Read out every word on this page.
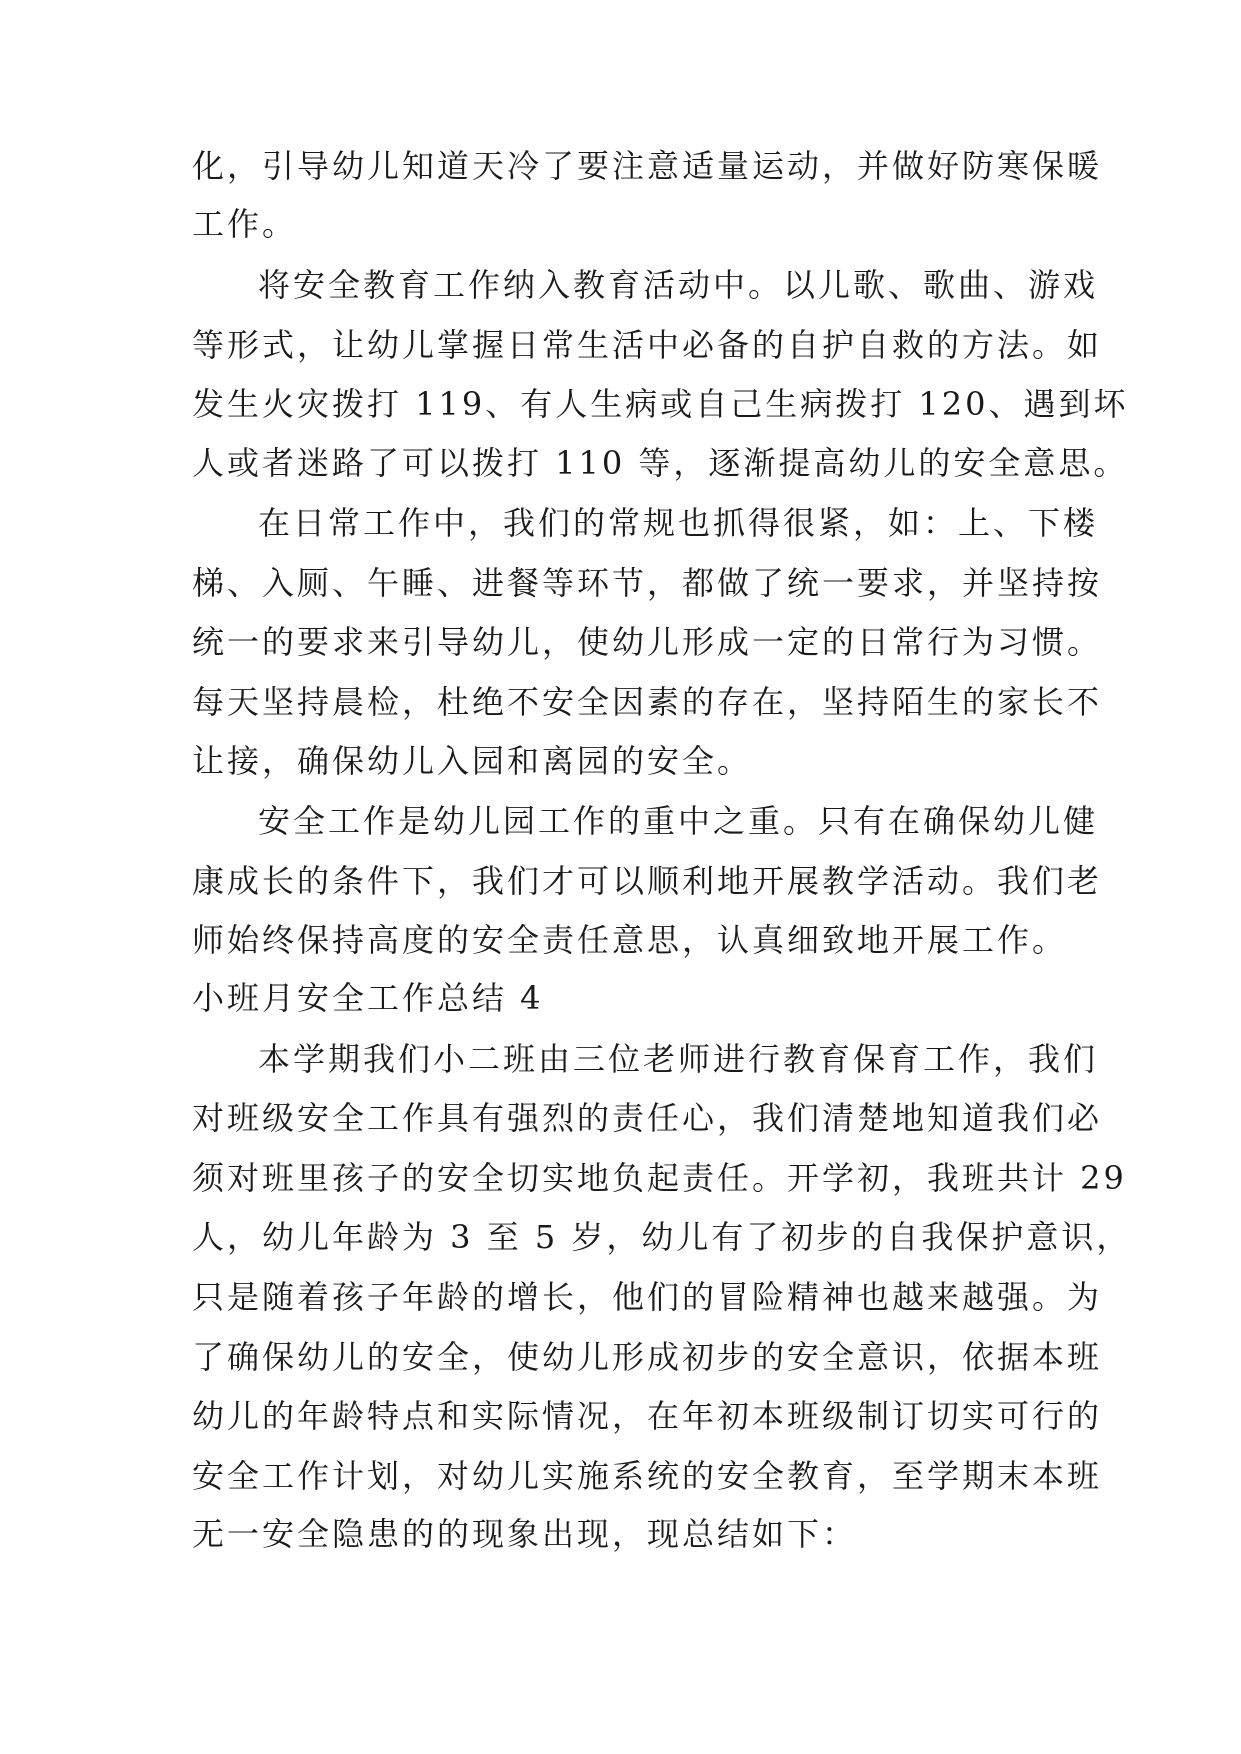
化，引导幼儿知道天冷了要注意适量运动，并做好防寒保暖
工作。
将安全教育工作纳入教育活动中。以儿歌、歌曲、游戏
等形式，让幼儿掌握日常生活中必备的自护自救的方法。如
发生火灾拨打 119、有人生病或自己生病拨打 120、遇到坏
人或者迷路了可以拨打 110 等，逐渐提高幼儿的安全意思。
在日常工作中，我们的常规也抓得很紧，如：上、下楼
梯、入厕、午睡、进餐等环节，都做了统一要求，并坚持按
统一的要求来引导幼儿，使幼儿形成一定的日常行为习惯。
每天坚持晨检，杜绝不安全因素的存在，坚持陌生的家长不
让接，确保幼儿入园和离园的安全。
安全工作是幼儿园工作的重中之重。只有在确保幼儿健
康成长的条件下，我们才可以顺利地开展教学活动。我们老
师始终保持高度的安全责任意思，认真细致地开展工作。
小班月安全工作总结 4
本学期我们小二班由三位老师进行教育保育工作，我们
对班级安全工作具有强烈的责任心，我们清楚地知道我们必
须对班里孩子的安全切实地负起责任。开学初，我班共计 29
人，幼儿年龄为 3 至 5 岁，幼儿有了初步的自我保护意识，
只是随着孩子年龄的增长，他们的冒险精神也越来越强。为
了确保幼儿的安全，使幼儿形成初步的安全意识，依据本班
幼儿的年龄特点和实际情况，在年初本班级制订切实可行的
安全工作计划，对幼儿实施系统的安全教育，至学期末本班
无一安全隐患的的现象出现，现总结如下：
